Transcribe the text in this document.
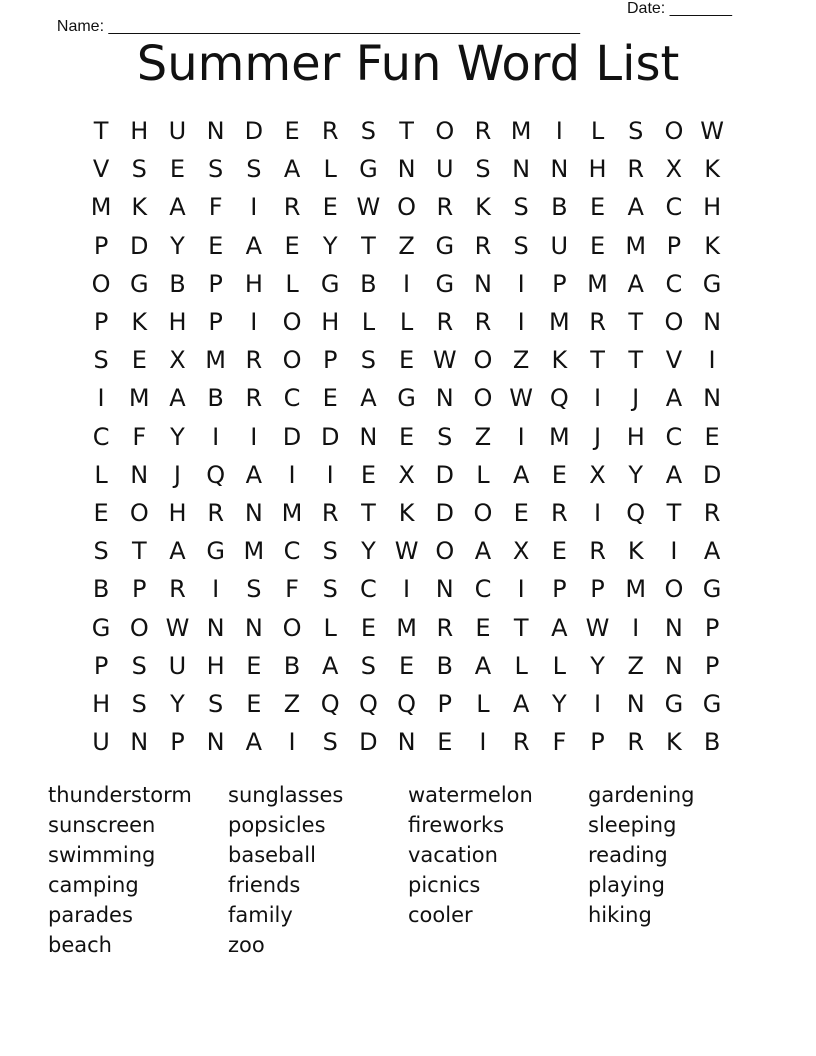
Name: _____________________________________________________

Date: _______

Summer Fun Word List
T H U N D E R S T O R M	I	L S O W
V S E S S A L G N U S N N H R X K
M K A F	I	R E W O R K S B E A C H
P D Y E A E Y T Z G R S U E M P K
O G B P H L G B	I	G N	I	P M A C G
P K H P	I	O H L	L R R	I	M R T O N
S E X M R O P S E W O Z K T T V	I
I	M A B R C E A G N O W Q	I	J	A N
C F Y	I	I	D D N E S Z	I	M	J	H C E
L N	J	Q A	I	I	E X D L A E X Y A D
E O H R N M R T K D O E R	I	Q T R
S T A G M C S Y W O A X E R K	I	A
B P R	I	S F S C	I	N C	I	P P M O G
G O W N N O L E M R E T A W I	N P
P S U H E B A S E B A L	L	Y Z N P
H S Y S E Z Q Q Q P	L A Y	I	N G G
U N P N A	I	S D N E	I	R F	P R K B
thunderstorm
sunscreen
swimming
camping
parades
beach
sunglasses
popsicles
baseball
friends
family
zoo
watermelon
fireworks
vacation
picnics
cooler
gardening
sleeping
reading
playing
hiking
